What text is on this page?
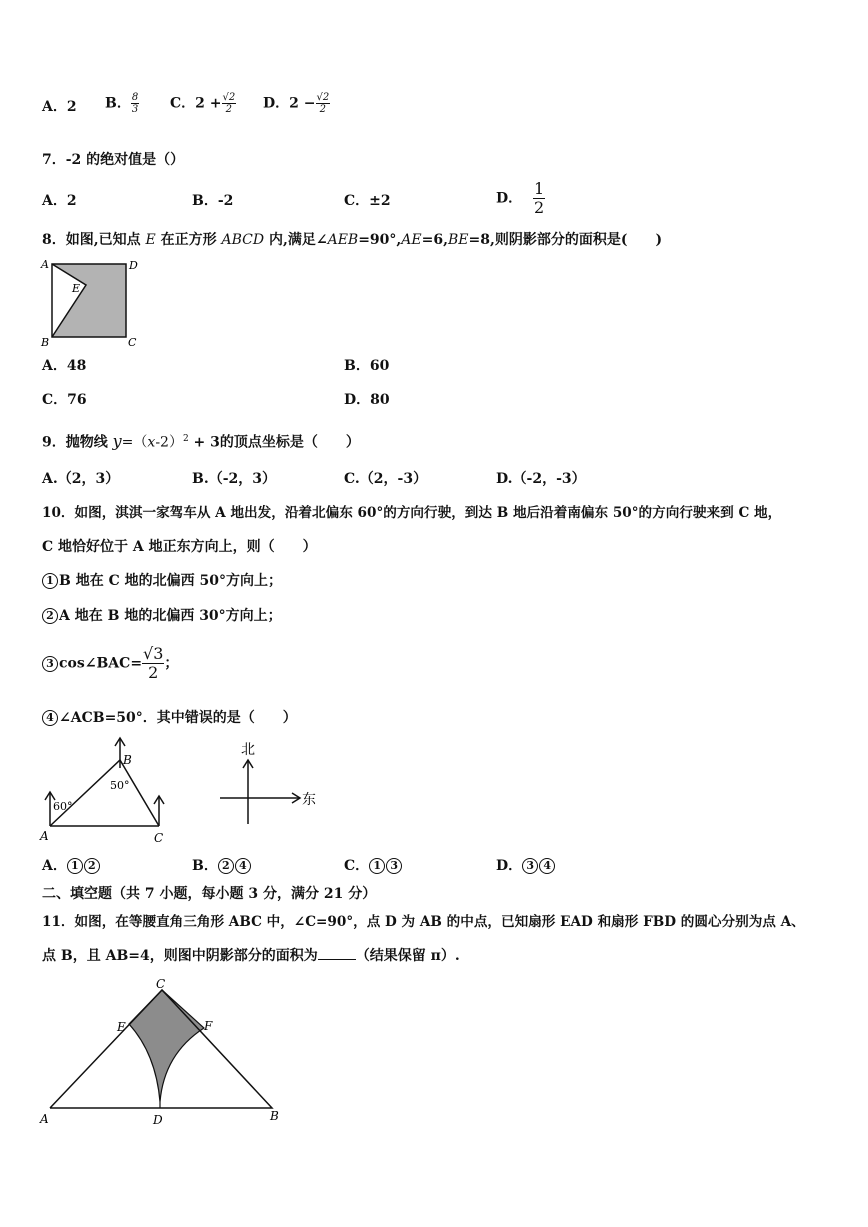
A．2 B． $\frac{8}{3}$ C．$2 + \frac{√2}{2}$ D．$2 - \frac{√2}{2}$
7．-2 的绝对值是（）
A．2	B．-2	C．±2	D． $\frac{1}{2}$
8．如图,已知点 E 在正方形 ABCD 内,满足∠AEB=90°,AE=6,BE=8,则阴影部分的面积是(　　)
A	D
E
B	C
A．48	B．60
C．76	D．80
9．抛物线 $y=(x-2)^2 + 3$的顶点坐标是（　　）
A.（2，3）	B.（-2，3）	C.（2，-3）	D.（-2，-3）
10．如图，淇淇一家驾车从 A 地出发，沿着北偏东 60°的方向行驶，到达 B 地后沿着南偏东 50°的方向行驶来到 C 地，
C 地恰好位于 A 地正东方向上，则（　　）
1 B 地在 C 地的北偏西 50°方向上；
2 A 地在 B 地的北偏西 30°方向上；
3 cos∠BAC= $\frac{√3}{2}$ ；
4 ∠ACB=50°．其中错误的是（　　）
A
B
C
60°
50°
北
东
A． 1 2	B． 2 4	C． 1 3	D． 3 4
二、填空题（共 7 小题，每小题 3 分，满分 21 分）
11．如图，在等腰直角三角形 ABC 中，∠C=90°，点 D 为 AB 的中点，已知扇形 EAD 和扇形 FBD 的圆心分别为点 A、
点 B，且 AB=4，则图中阴影部分的面积为	（结果保留 π）.
A	B
C
D
E	F
